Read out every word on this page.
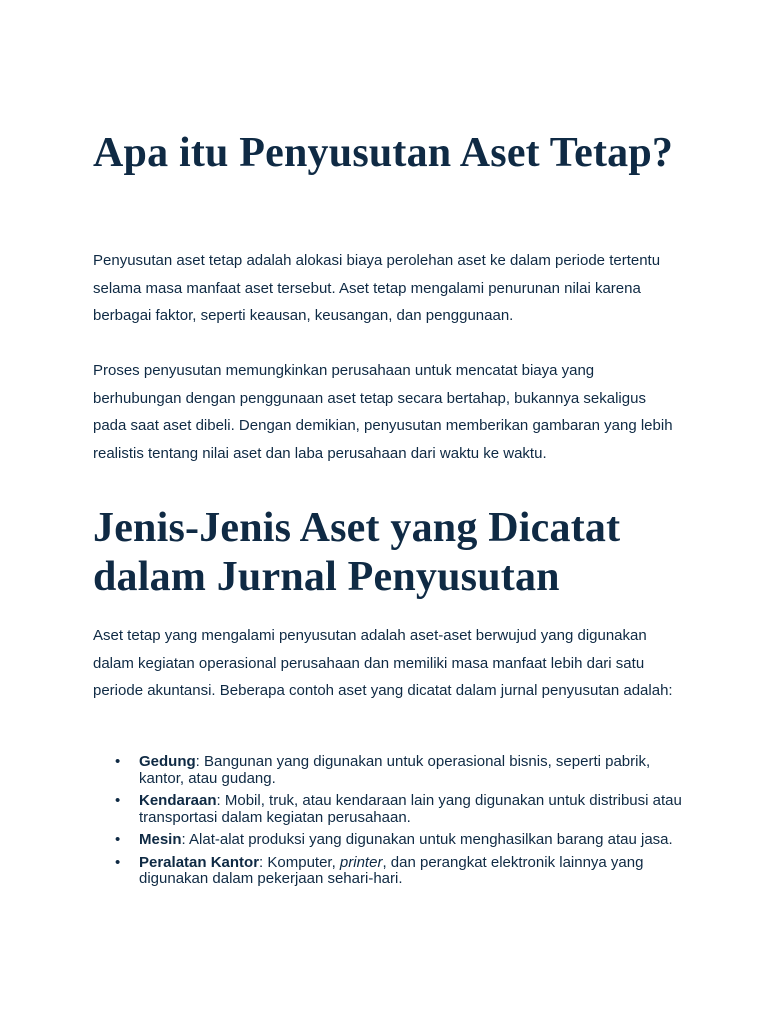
Apa itu Penyusutan Aset Tetap?

Penyusutan aset tetap adalah alokasi biaya perolehan aset ke dalam periode tertentu selama masa manfaat aset tersebut. Aset tetap mengalami penurunan nilai karena berbagai faktor, seperti keausan, keusangan, dan penggunaan.

Proses penyusutan memungkinkan perusahaan untuk mencatat biaya yang berhubungan dengan penggunaan aset tetap secara bertahap, bukannya sekaligus pada saat aset dibeli. Dengan demikian, penyusutan memberikan gambaran yang lebih realistis tentang nilai aset dan laba perusahaan dari waktu ke waktu.

Jenis-Jenis Aset yang Dicatat dalam Jurnal Penyusutan

Aset tetap yang mengalami penyusutan adalah aset-aset berwujud yang digunakan dalam kegiatan operasional perusahaan dan memiliki masa manfaat lebih dari satu periode akuntansi. Beberapa contoh aset yang dicatat dalam jurnal penyusutan adalah:

• Gedung: Bangunan yang digunakan untuk operasional bisnis, seperti pabrik, kantor, atau gudang.
• Kendaraan: Mobil, truk, atau kendaraan lain yang digunakan untuk distribusi atau transportasi dalam kegiatan perusahaan.
• Mesin: Alat-alat produksi yang digunakan untuk menghasilkan barang atau jasa.
• Peralatan Kantor: Komputer, printer, dan perangkat elektronik lainnya yang digunakan dalam pekerjaan sehari-hari.
